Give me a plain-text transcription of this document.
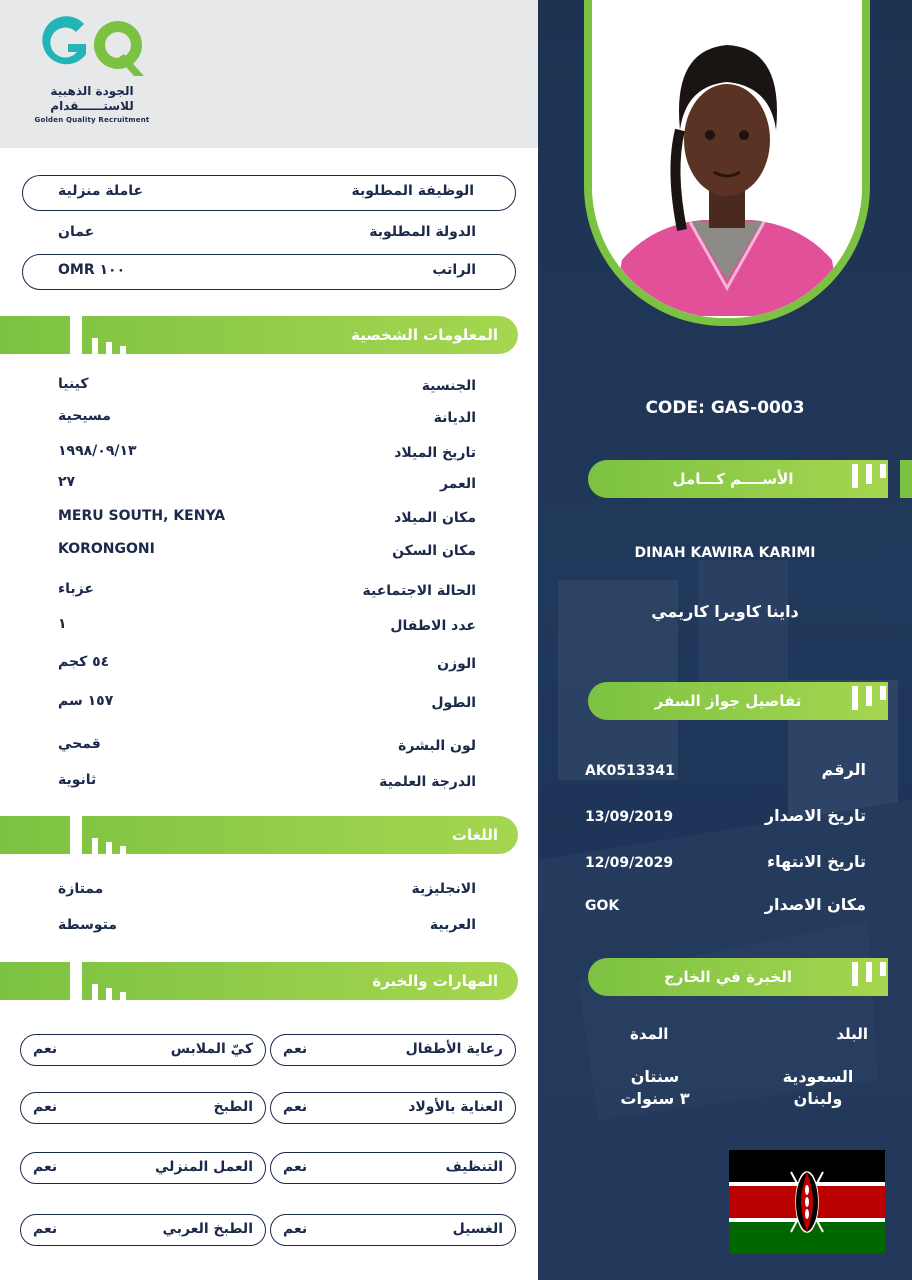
الجودة الذهبية
للاستــــــقدام
Golden Quality Recruitment
الوظيفة المطلوبة
عاملة منزلية
الدولة المطلوبة
عمان
الراتب
OMR ١٠٠
المعلومات الشخصية
الجنسية
كينيا
الديانة
مسيحية
تاريخ الميلاد
١٩٩٨/٠٩/١٣
العمر
٢٧
مكان الميلاد
MERU SOUTH, KENYA
مكان السكن
KORONGONI
الحالة الاجتماعية
عزباء
عدد الاطفال
١
الوزن
٥٤ كجم
الطول
١٥٧ سم
لون البشرة
قمحي
الدرجة العلمية
ثانوية
اللغات
الانجليزية
ممتازة
العربية
متوسطة
المهارات والخبرة
رعاية الأطفال
نعم
كيّ الملابس
نعم
العناية بالأولاد
نعم
الطبخ
نعم
التنظيف
نعم
العمل المنزلي
نعم
الغسيل
نعم
الطبخ العربي
نعم
CODE: GAS-0003
الأســــم كـــامل
DINAH KAWIRA KARIMI
داينا كاويرا كاريمي
تفاصيل جواز السفر
الرقم
AK0513341
تاريخ الاصدار
13/09/2019
تاريخ الانتهاء
12/09/2029
مكان الاصدار
GOK
الخبرة في الخارج
البلد
المدة
السعودية
ولبنان
سنتان
٣ سنوات
